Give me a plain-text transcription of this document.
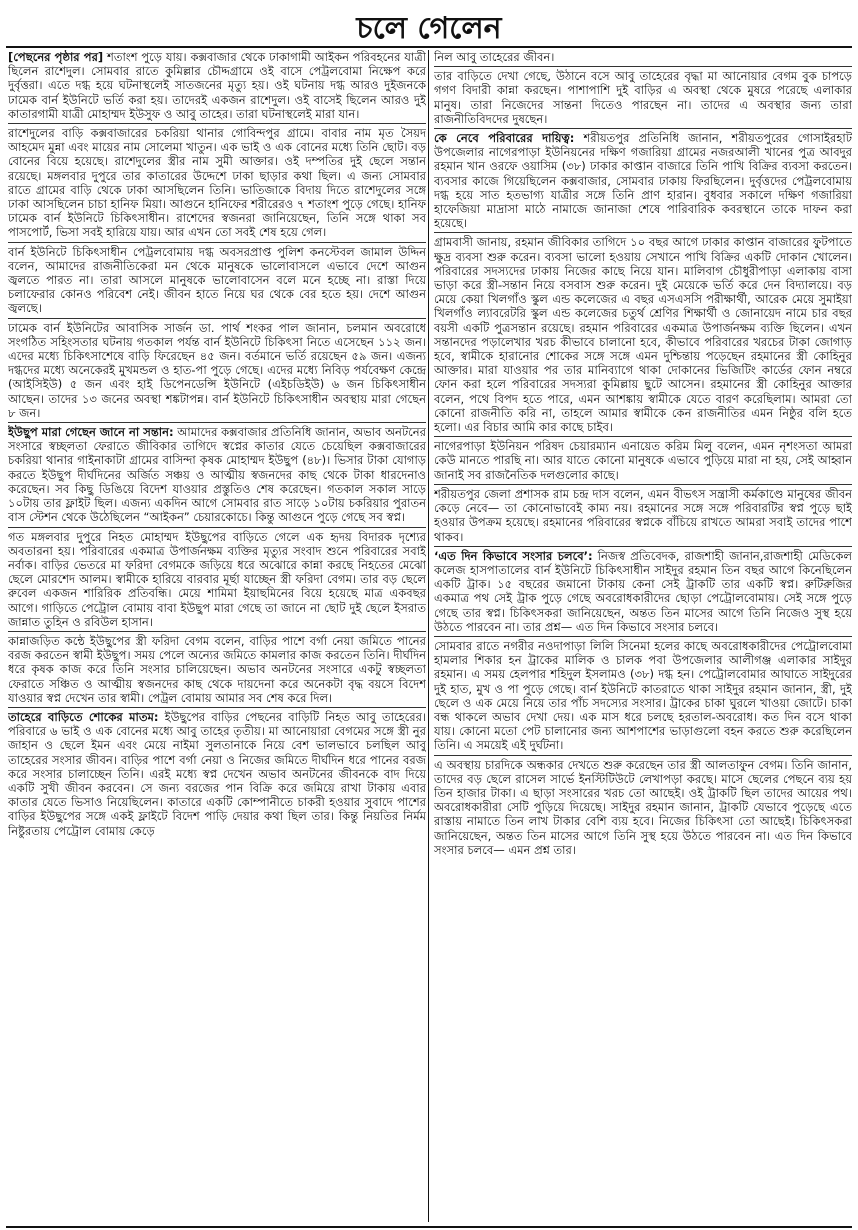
চলে গেলেন

[পেছনের পৃষ্ঠার পর] শতাংশ পুড়ে যায়। কক্সবাজার থেকে ঢাকাগামী আইকন পরিবহনের যাত্রী ছিলেন রাশেদুল। সোমবার রাতে কুমিল্লার চৌদ্দগ্রামে ওই বাসে পেট্রলবোমা নিক্ষেপ করে দুর্বৃত্তরা। এতে দগ্ধ হয়ে ঘটনাস্থলেই সাতজনের মৃত্যু হয়। ওই ঘটনায় দগ্ধ আরও দুইজনকে ঢামেক বার্ন ইউনিটে ভর্তি করা হয়। তাদেরই একজন রাশেদুল। ওই বাসেই ছিলেন আরও দুই কাতারগামী যাত্রী মোহাম্মদ ইউসুফ ও আবু তাহের। তারা ঘটনাস্থলেই মারা যান।

রাশেদুলের বাড়ি কক্সবাজারের চকরিয়া থানার গোবিন্দপুর গ্রামে। বাবার নাম মৃত সৈয়দ আহমেদ মুন্না এবং মায়ের নাম সোলেমা খাতুন। এক ভাই ও এক বোনের মধ্যে তিনি ছোট। বড় বোনের বিয়ে হয়েছে। রাশেদুলের স্ত্রীর নাম সুমী আক্তার। ওই দম্পতির দুই ছেলে সন্তান রয়েছে। মঙ্গলবার দুপুরে তার কাতারের উদ্দেশে ঢাকা ছাড়ার কথা ছিল। এ জন্য সোমবার রাতে গ্রামের বাড়ি থেকে ঢাকা আসছিলেন তিনি। ভাতিজাকে বিদায় দিতে রাশেদুলের সঙ্গে ঢাকা আসছিলেন চাচা হানিফ মিয়া। আগুনে হানিফের শরীরেরও ৭ শতাংশ পুড়ে গেছে। হানিফ ঢামেক বার্ন ইউনিটে চিকিৎসাধীন। রাশেদের স্বজনরা জানিয়েছেন, তিনি সঙ্গে থাকা সব পাসপোর্ট, ভিসা সবই হারিয়ে যায়। আর এখন তো সবই শেষ হয়ে গেল।

বার্ন ইউনিটে চিকিৎসাধীন পেট্রলবোমায় দগ্ধ অবসরপ্রাপ্ত পুলিশ কনস্টেবল জামাল উদ্দিন বলেন, আমাদের রাজনীতিকেরা মন থেকে মানুষকে ভালোবাসলে এভাবে দেশে আগুন জ্বলতে পারত না। তারা আসলে মানুষকে ভালোবাসেন বলে মনে হচ্ছে না। রাস্তা দিয়ে চলাফেরার কোনও পরিবেশ নেই। জীবন হাতে নিয়ে ঘর থেকে বের হতে হয়। দেশে আগুন জ্বলছে।

ঢামেক বার্ন ইউনিটের আবাসিক সার্জন ডা. পার্থ শংকর পাল জানান, চলমান অবরোধে সংগঠিত সহিংসতার ঘটনায় গতকাল পর্যন্ত বার্ন ইউনিটে চিকিৎসা নিতে এসেছেন ১১২ জন। এদের মধ্যে চিকিৎসাশেষে বাড়ি ফিরেছেন ৪৫ জন। বর্তমানে ভর্তি রয়েছেন ৫৯ জন। এজন্য দগ্ধদের মধ্যে অনেকেরই মুখমন্ডল ও হাত-পা পুড়ে গেছে। এদের মধ্যে নিবিড় পর্যবেক্ষণ কেন্দ্রে (আইসিইউ) ৫ জন এবং হাই ডিপেনডেন্সি ইউনিটে (এইচডিইউ) ৬ জন চিকিৎসাধীন আছেন। তাদের ১৩ জনের অবস্থা শঙ্কটাপন্ন। বার্ন ইউনিটে চিকিৎসাধীন অবস্থায় মারা গেছেন ৮ জন।

ইউছুপ মারা গেছেন জানে না সন্তান: আমাদের কক্সবাজার প্রতিনিধি জানান, অভাব অনটনের সংসারে স্বচ্ছলতা ফেরাতে জীবিকার তাগিদে স্বপ্নের কাতার যেতে চেয়েছিল কক্সবাজারের চকরিয়া থানার গাইনাকাটা গ্রামের বাসিন্দা কৃষক মোহাম্মদ ইউছুপ (৪৮)। ভিসার টাকা যোগাড় করতে ইউছুপ দীর্ঘদিনের অর্জিত সঞ্চয় ও আত্মীয় স্বজনদের কাছ থেকে টাকা ধারদেনাও করেছেন। সব কিছু ডিঙিয়ে বিদেশ যাওয়ার প্রস্তুতিও শেষ করেছেন। গতকাল সকাল সাড়ে ১০টায় তার ফ্লাইট ছিল। এজন্য একদিন আগে সোমবার রাত সাড়ে ১০টায় চকরিয়ার পুরাতন বাস স্টেশন থেকে উঠেছিলেন “আইকন” চেয়ারকোচে। কিন্তু আগুনে পুড়ে গেছে সব স্বপ্ন।

গত মঙ্গলবার দুপুরে নিহত মোহাম্মদ ইউছুপের বাড়িতে গেলে এক হৃদয় বিদারক দৃশ্যের অবতারনা হয়। পরিবারের একমাত্র উপার্জনক্ষম ব্যক্তির মৃত্যুর সংবাদ শুনে পরিবারের সবাই নর্বাক। বাড়ির ভেতরে মা ফরিদা বেগমকে জড়িয়ে ধরে অঝোরে কান্না করছে নিহতের মেঝো ছেলে মোরশেদ আলম। স্বামীকে হারিয়ে বারবার মূর্ছা যাচ্ছেন স্ত্রী ফরিদা বেগম। তার বড় ছেলে রুবেল একজন শারিরিক প্রতিবন্ধি। মেয়ে শামিমা ইয়াছমিনের বিয়ে হয়েছে মাত্র একবছর আগে। গাড়িতে পেট্রোল বোমায় বাবা ইউছুপ মারা গেছে তা জানে না ছোট দুই ছেলে ইসরাত জান্নাত তুহিন ও রবিউল হাসান।

কান্নাজড়িত কন্ঠে ইউছুপের স্ত্রী ফরিদা বেগম বলেন, বাড়ির পাশে বর্গা নেয়া জমিতে পানের বরজ করতেন স্বামী ইউছুপ। সময় পেলে অন্যের জমিতে কামলার কাজ করতেন তিনি। দীর্ঘদিন ধরে কৃষক কাজ করে তিনি সংসার চালিয়েছেন। অভাব অনটনের সংসারে একটু স্বচ্ছলতা ফেরাতে সঞ্চিত ও আত্মীয় স্বজনদের কাছ থেকে দায়দেনা করে অনেকটা বৃদ্ধ বয়সে বিদেশ যাওয়ার স্বপ্ন দেখেন তার স্বামী। পেট্রল বোমায় আমার সব শেষ করে দিল।

তাহেরে বাড়িতে শোকের মাতম: ইউছুপের বাড়ির পেছনের বাড়িটি নিহত আবু তাহেরের। পরিবারে ৬ ভাই ও এক বোনের মধ্যে আবু তাহের তৃতীয়। মা আনোয়ারা বেগমের সঙ্গে স্ত্রী নুর জাহান ও ছেলে ইমন এবং মেয়ে নাইমা সুলতানাকে নিয়ে বেশ ভালভাবে চলছিল আবু তাহেরের সংসার জীবন। বাড়ির পাশে বর্গা নেয়া ও নিজের জমিতে দীর্ঘদিন ধরে পানের বরজ করে সংসার চালাচ্ছেন তিনি। এরই মধ্যে স্বপ্ন দেখেন অভাব অনটনের জীবনকে বাদ দিয়ে একটি সুখী জীবন করবেন। সে জন্য বরজের পান বিক্রি করে জমিয়ে রাখা টাকায় এবার কাতার যেতে ভিসাও নিয়েছিলেন। কাতারে একটি কোম্পানীতে চাকরী হওয়ার সুবাদে পাশের বাড়ির ইউছুপের সঙ্গে একই ফ্লাইটে বিদেশ পাড়ি দেয়ার কথা ছিল তার। কিন্তু নিয়তির নির্মম নিষ্টুরতায় পেট্রোল বোমায় কেড়ে

নিল আবু তাহেরের জীবন।

তার বাড়িতে দেখা গেছে, উঠানে বসে আবু তাহেরের বৃদ্ধা মা আনোয়ার বেগম বুক চাপড়ে গগণ বিদারী কান্না করছেন। পাশাপাশি দুই বাড়ির এ অবস্থা থেকে মুষরে পরেছে এলাকার মানুষ। তারা নিজেদের সান্তনা দিতেও পারছেন না। তাদের এ অবস্থার জন্য তারা রাজনীতিবিদদের দুষছেন।

কে নেবে পরিবারের দায়িত্ব: শরীয়তপুর প্রতিনিধি জানান, শরীয়তপুরের গোসাইরহাট উপজেলার নাগেরপাড়া ইউনিয়নের দক্ষিণ গজারিয়া গ্রামের নজরআলী খানের পুত্র আবদুর রহমান খান ওরফে ওয়াসিম (৩৮) ঢাকার কাপ্তান বাজারে তিনি পাখি বিক্রির ব্যবসা করতেন। ব্যবসার কাজে গিয়েছিলেন কক্সবাজার, সোমবার ঢাকায় ফিরছিলেন। দুর্বৃত্তদের পেট্রলবোমায় দগ্ধ হয়ে সাত হতভাগ্য যাত্রীর সঙ্গে তিনি প্রাণ হারান। বুধবার সকালে দক্ষিণ গজারিয়া হাফেজিয়া মাদ্রাসা মাঠে নামাজে জানাজা শেষে পারিবারিক কবরস্থানে তাকে দাফন করা হয়েছে।

গ্রামবাসী জানায়, রহমান জীবিকার তাগিদে ১০ বছর আগে ঢাকার কাপ্তান বাজারের ফুটপাতে ক্ষুদ্র ব্যবসা শুরু করেন। ব্যবসা ভালো হওয়ায় সেখানে পাখি বিক্রির একটি দোকান খোলেন। পরিবারের সদস্যদের ঢাকায় নিজের কাছে নিয়ে যান। মালিবাগ চৌধুরীপাড়া এলাকায় বাসা ভাড়া করে স্ত্রী-সন্তান নিয়ে বসবাস শুরু করেন। দুই মেয়েকে ভর্তি করে দেন বিদ্যালয়ে। বড় মেয়ে কেয়া খিলগাঁও স্কুল এন্ড কলেজের এ বছর এসএসসি পরীক্ষার্থী, আরেক মেয়ে সুমাইয়া খিলগাঁও ল্যাবরেটরি স্কুল এন্ড কলেজের চতুর্থ শ্রেণির শিক্ষার্থী ও জোনায়েদ নামে চার বছর বয়সী একটি পুত্রসন্তান রয়েছে। রহমান পরিবারের একমাত্র উপার্জনক্ষম ব্যক্তি ছিলেন। এখন সন্তানদের পড়ালেখার খরচ কীভাবে চালানো হবে, কীভাবে পরিবারের খরচের টাকা জোগাড় হবে, স্বামীকে হারানোর শোকের সঙ্গে সঙ্গে এমন দুশ্চিন্তায় পড়েছেন রহমানের স্ত্রী কোহিনুর আক্তার। মারা যাওয়ার পর তার মানিব্যাগে থাকা দোকানের ভিজিটিং কার্ডের ফোন নম্বরে ফোন করা হলে পরিবারের সদস্যরা কুমিল্লায় ছুটে আসেন। রহমানের স্ত্রী কোহিনুর আক্তার বলেন, পথে বিপদ হতে পারে, এমন আশঙ্কায় স্বামীকে যেতে বারণ করেছিলাম। আমরা তো কোনো রাজনীতি করি না, তাহলে আমার স্বামীকে কেন রাজনীতির এমন নিষ্ঠুর বলি হতে হলো। এর বিচার আমি কার কাছে চাইব।

নাগেরপাড়া ইউনিয়ন পরিষদ চেয়ারম্যান এনায়েত করিম মিলু বলেন, এমন নৃশংসতা আমরা কেউ মানতে পারছি না। আর যাতে কোনো মানুষকে এভাবে পুড়িয়ে মারা না হয়, সেই আহ্বান জানাই সব রাজনৈতিক দলগুলোর কাছে।

শরীয়তপুর জেলা প্রশাসক রাম চন্দ্র দাস বলেন, এমন বীভৎস সন্ত্রাসী কর্মকাণ্ডে মানুষের জীবন কেড়ে নেবে— তা কোনোভাবেই কাম্য নয়। রহমানের সঙ্গে সঙ্গে পরিবারটির স্বপ্ন পুড়ে ছাই হওয়ার উপক্রম হয়েছে। রহমানের পরিবারের স্বপ্নকে বাঁচিয়ে রাখতে আমরা সবাই তাদের পাশে থাকব।

‘এত দিন কিভাবে সংসার চলবে’: নিজস্ব প্রতিবেদক, রাজশাহী জানান,রাজশাহী মেডিকেল কলেজ হাসপাতালের বার্ন ইউনিটে চিকিৎসাধীন সাইদুর রহমান তিন বছর আগে কিনেছিলেন একটি ট্রাক। ১৫ বছরের জমানো টাকায় কেনা সেই ট্রাকটি তার একটি স্বপ্ন। রুটিরুজির একমাত্র পথ সেই ট্রাক পুড়ে গেছে অবরোধকারীদের ছোড়া পেট্রোলবোমায়। সেই সঙ্গে পুড়ে গেছে তার স্বপ্ন। চিকিৎসকরা জানিয়েছেন, অন্তত তিন মাসের আগে তিনি নিজেও সুস্থ হয়ে উঠতে পারবেন না। তার প্রশ্ন— এত দিন কিভাবে সংসার চলবে।

সোমবার রাতে নগরীর নওদাপাড়া লিলি সিনেমা হলের কাছে অবরোধকারীদের পেট্রোলবোমা হামলার শিকার হন ট্রাকের মালিক ও চালক পবা উপজেলার আলীগঞ্জ এলাকার সাইদুর রহমান। এ সময় হেলপার শহিদুল ইসলামও (৩৮) দগ্ধ হন। পেট্রোলবোমার আঘাতে সাইদুরের দুই হাত, মুখ ও পা পুড়ে গেছে। বার্ন ইউনিটে কাতরাতে থাকা সাইদুর রহমান জানান, স্ত্রী, দুই ছেলে ও এক মেয়ে নিয়ে তার পাঁচ সদস্যের সংসার। ট্রাকের চাকা ঘুরলে খাওয়া জোটে। চাকা বন্ধ থাকলে অভাব দেখা দেয়। এক মাস ধরে চলছে হরতাল-অবরোধ। কত দিন বসে থাকা যায়। কোনো মতো পেট চালানোর জন্য আশপাশের ভাড়াগুলো বহন করতে শুরু করেছিলেন তিনি। এ সময়েই এই দুর্ঘটনা।

এ অবস্থায় চারদিকে অন্ধকার দেখতে শুরু করেছেন তার স্ত্রী আলতাফুন বেগম। তিনি জানান, তাদের বড় ছেলে রাসেল সার্ভে ইনস্টিটিউটে লেখাপড়া করছে। মাসে ছেলের পেছনে ব্যয় হয় তিন হাজার টাকা। এ ছাড়া সংসারের খরচ তো আছেই। ওই ট্রাকটি ছিল তাদের আয়ের পথ। অবরোধকারীরা সেটি পুড়িয়ে দিয়েছে। সাইদুর রহমান জানান, ট্রাকটি যেভাবে পুড়েছে এতে রাস্তায় নামাতে তিন লাখ টাকার বেশি ব্যয় হবে। নিজের চিকিৎসা তো আছেই। চিকিৎসকরা জানিয়েছেন, অন্তত তিন মাসের আগে তিনি সুস্থ হয়ে উঠতে পারবেন না। এত দিন কিভাবে সংসার চলবে— এমন প্রশ্ন তার।
